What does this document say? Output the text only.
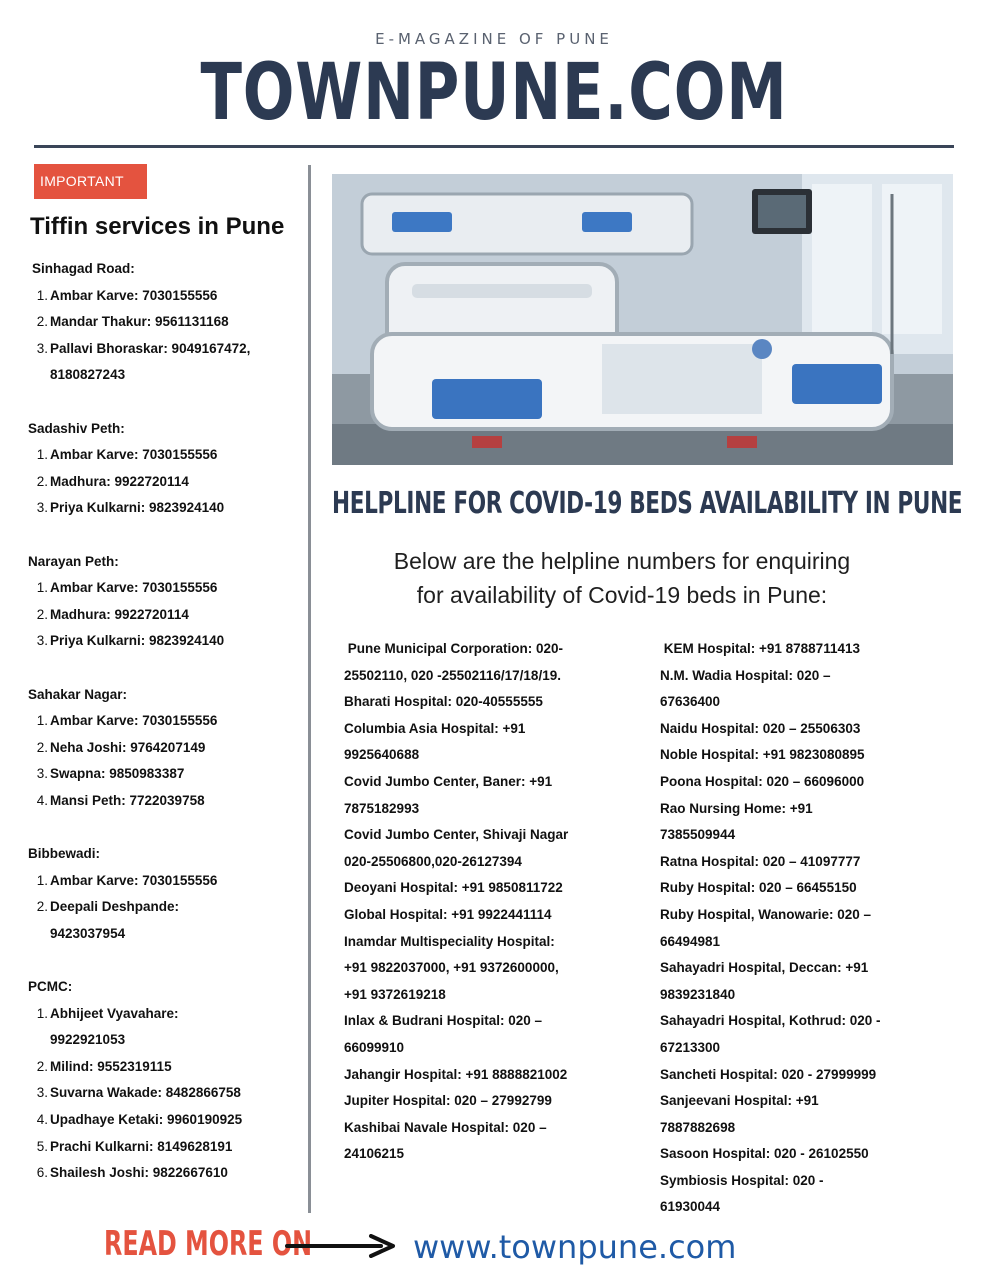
E-MAGAZINE OF PUNE
TOWNPUNE.COM
IMPORTANT
Tiffin services in Pune
Sinhagad Road:
1. Ambar Karve: 7030155556
2. Mandar Thakur: 9561131168
3. Pallavi Bhoraskar: 9049167472,
8180827243
Sadashiv Peth:
1. Ambar Karve: 7030155556
2. Madhura: 9922720114
3. Priya Kulkarni: 9823924140
Narayan Peth:
1. Ambar Karve: 7030155556
2. Madhura: 9922720114
3. Priya Kulkarni: 9823924140
Sahakar Nagar:
1. Ambar Karve: 7030155556
2. Neha Joshi: 9764207149
3. Swapna: 9850983387
4. Mansi Peth: 7722039758
Bibbewadi:
1. Ambar Karve: 7030155556
2. Deepali Deshpande:
9423037954
PCMC:
1. Abhijeet Vyavahare:
9922921053
2. Milind: 9552319115
3. Suvarna Wakade: 8482866758
4. Upadhaye Ketaki: 9960190925
5. Prachi Kulkarni: 8149628191
6. Shailesh Joshi: 9822667610
HELPLINE FOR COVID-19 BEDS AVAILABILITY IN PUNE
Below are the helpline numbers for enquiring
for availability of Covid-19 beds in Pune:
Pune Municipal Corporation: 020-
25502110, 020 -25502116/17/18/19.
Bharati Hospital: 020-40555555
Columbia Asia Hospital: +91
9925640688
Covid Jumbo Center, Baner: +91
7875182993
Covid Jumbo Center, Shivaji Nagar
020-25506800,020-26127394
Deoyani Hospital: +91 9850811722
Global Hospital: +91 9922441114
Inamdar Multispeciality Hospital:
+91 9822037000, +91 9372600000,
+91 9372619218
Inlax & Budrani Hospital: 020 –
66099910
Jahangir Hospital: +91 8888821002
Jupiter Hospital: 020 – 27992799
Kashibai Navale Hospital: 020 –
24106215
KEM Hospital: +91 8788711413
N.M. Wadia Hospital: 020 –
67636400
Naidu Hospital: 020 – 25506303
Noble Hospital: +91 9823080895
Poona Hospital: 020 – 66096000
Rao Nursing Home: +91
7385509944
Ratna Hospital: 020 – 41097777
Ruby Hospital: 020 – 66455150
Ruby Hospital, Wanowarie: 020 –
66494981
Sahayadri Hospital, Deccan: +91
9839231840
Sahayadri Hospital, Kothrud: 020 -
67213300
Sancheti Hospital: 020 - 27999999
Sanjeevani Hospital: +91
7887882698
Sasoon Hospital: 020 - 26102550
Symbiosis Hospital: 020 -
61930044
READ MORE ON	www.townpune.com
